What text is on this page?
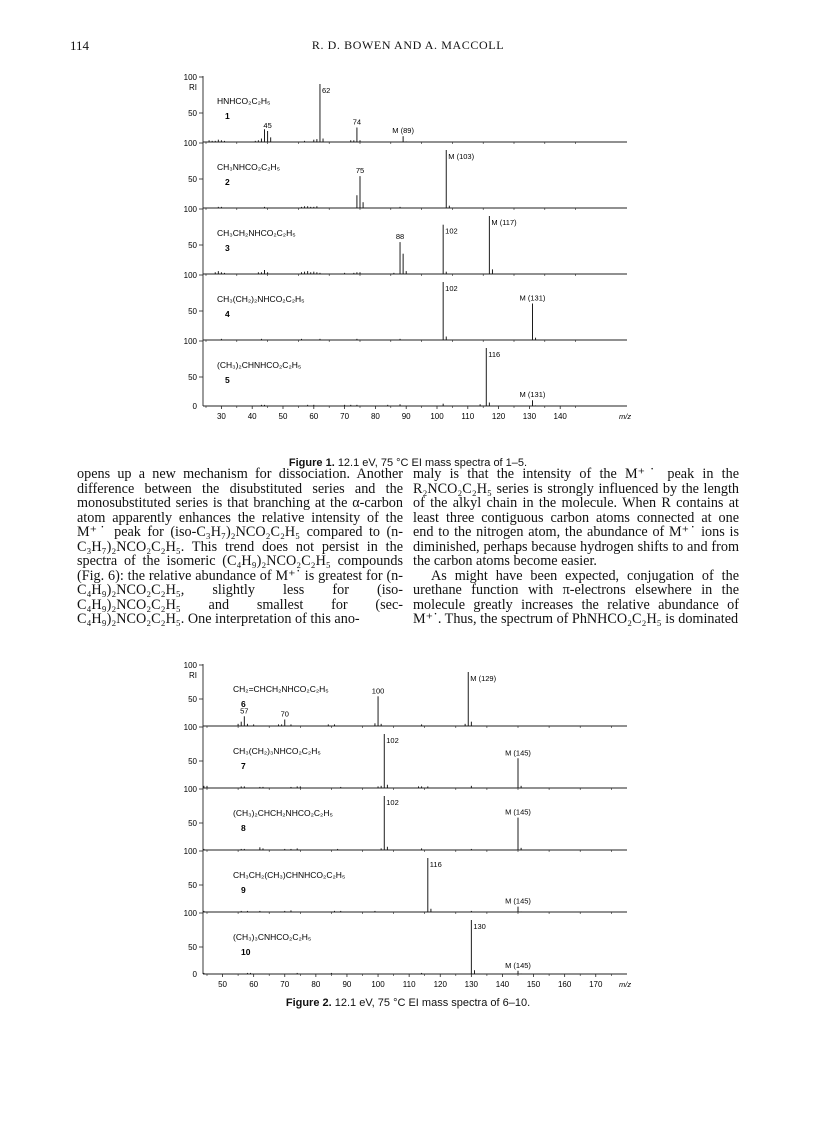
114	R. D. BOWEN AND A. MACCOLL
100
50
RI
HNHCO₂C₂H₅
1
45
62
74
M (89)
100
50
CH₃NHCO₂C₂H₅
2
75
M (103)
100
50
CH₃CH₂NHCO₂C₂H₅
3
88
102
M (117)
100
50
CH₃(CH₂)₂NHCO₂C₂H₅
4
102
M (131)
100
50
(CH₃)₂CHNHCO₂C₂H₅
5
116
M (131)
0
30	40	50	60	70	80	90 100 110 120 130 140	m/z
Figure 1. 12.1 eV, 75 °C EI mass spectra of 1–5.

opens up a new mechanism for dissociation. Another difference between the disubstituted series and the monosubstituted series is that branching at the α-carbon atom apparently enhances the relative intensity of the M⁺˙ peak for (iso-C₃H₇)₂NCO₂C₂H₅ compared to (n-C₃H₇)₂NCO₂C₂H₅. This trend does not persist in the spectra of the isomeric (C₄H₉)₂NCO₂C₂H₅ compounds (Fig. 6): the relative abundance of M⁺˙ is greatest for (n-C₄H₉)₂NCO₂C₂H₅, slightly less for (iso-C₄H₉)₂NCO₂C₂H₅ and smallest for (sec-C₄H₉)₂NCO₂C₂H₅. One interpretation of this ano-

maly is that the intensity of the M⁺˙ peak in the R₂NCO₂C₂H₅ series is strongly influenced by the length of the alkyl chain in the molecule. When R contains at least three contiguous carbon atoms connected at one end to the nitrogen atom, the abundance of M⁺˙ ions is diminished, perhaps because hydrogen shifts to and from the carbon atoms become easier.

As might have been expected, conjugation of the urethane function with π-electrons elsewhere in the molecule greatly increases the relative abundance of M⁺˙. Thus, the spectrum of PhNHCO₂C₂H₅ is dominated

100
50
RI
CH₂=CHCH₂NHCO₂C₂H₅
6
57	70
100
M (129)
100
50
CH₃(CH₂)₃NHCO₂C₂H₅
7
102
M (145)
100
50
(CH₃)₂CHCH₂NHCO₂C₂H₅
8
102
M (145)
100
50
CH₃CH₂(CH₃)CHNHCO₂C₂H₅
9
116
M (145)
100
50
(CH₃)₃CNHCO₂C₂H₅
10
130
M (145)
0
50	60	70	80	90 100 110 120 130 140 150 160 170 m/z
Figure 2. 12.1 eV, 75 °C EI mass spectra of 6–10.
